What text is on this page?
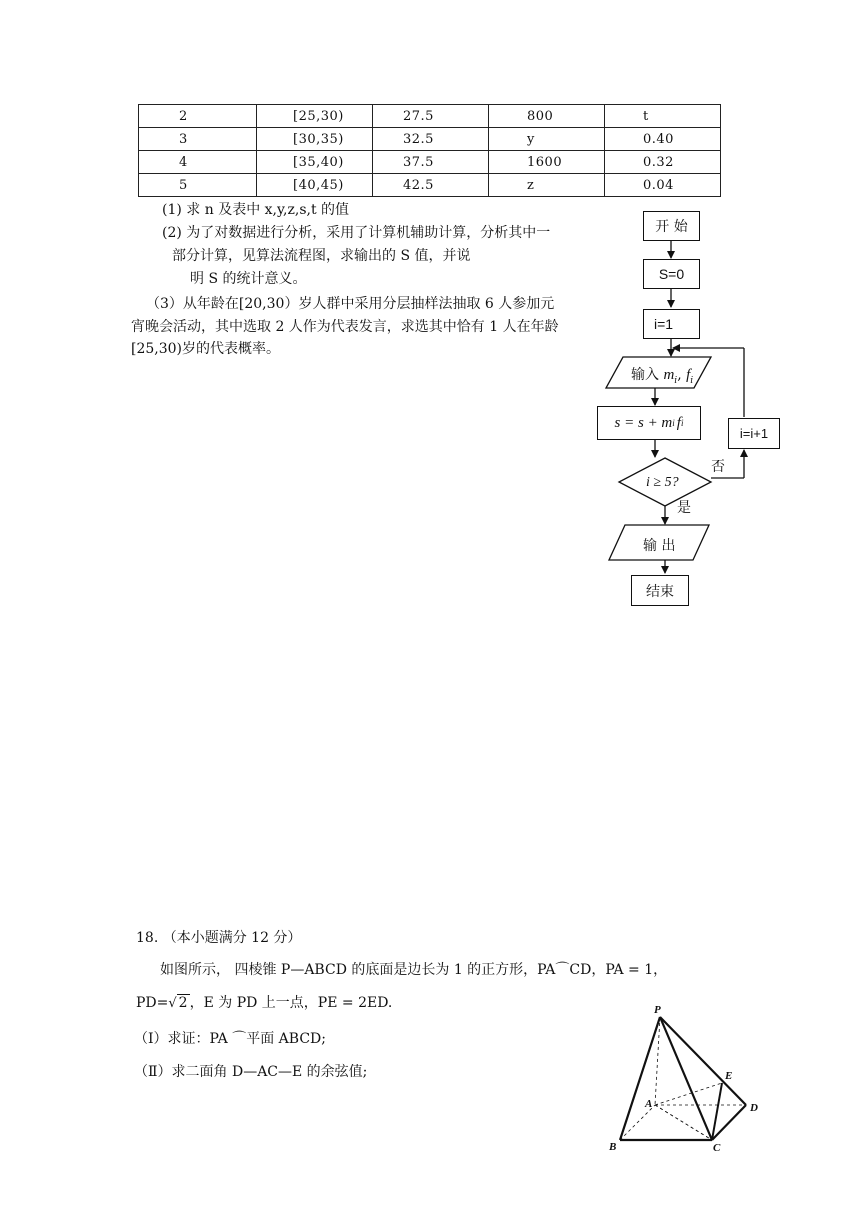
2	[25,30)	27.5	800	t
3	[30,35)	32.5	y	0.40
4	[35,40)	37.5	1600	0.32
5	[40,45)	42.5	z	0.04
(1) 求 n 及表中 x,y,z,s,t 的值
(2) 为了对数据进行分析，采用了计算机辅助计算，分析其中一
部分计算，见算法流程图，求输出的 S 值，并说
明 S 的统计意义。
（3）从年龄在[20,30）岁人群中采用分层抽样法抽取 6 人参加元
宵晚会活动，其中选取 2 人作为代表发言，求选其中恰有 1 人在年龄
[25,30)岁的代表概率。
开 始
S=0
i=1
输入 $m_i$, $f_i$
s = s + m i f i
i ≥ 5?
否
是
i=i+1
输 出
结束
18. （本小题满分 12 分）
如图所示， 四棱锥 P—ABCD 的底面是边长为 1 的正方形，PA⌒CD，PA = 1，
PD=√ 2 ，E 为 PD 上一点，PE = 2ED.
（Ⅰ）求证：PA ⌒平面 ABCD;
（Ⅱ）求二面角 D—AC—E 的余弦值;
P
A
B	C
D
E
